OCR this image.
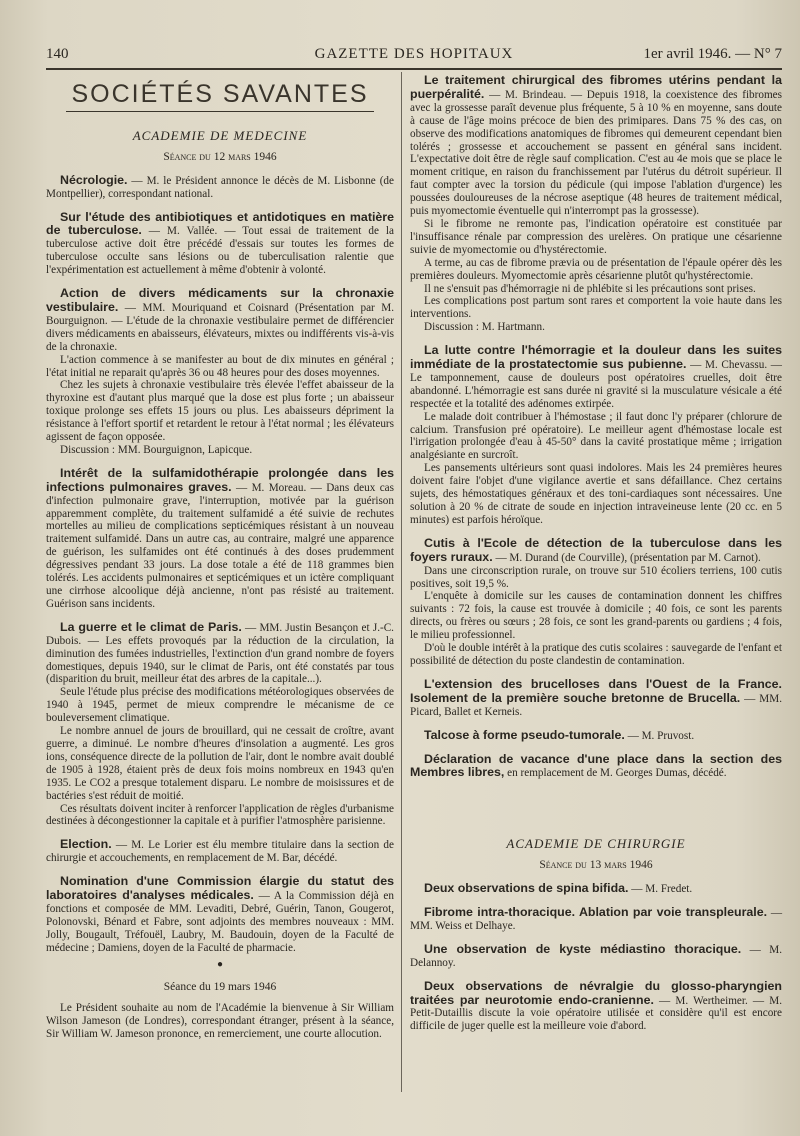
140	GAZETTE DES HOPITAUX	1er avril 1946. — N° 7
SOCIÉTÉS SAVANTES
ACADEMIE DE MEDECINE
Séance du 12 mars 1946
Nécrologie. — M. le Président annonce le décès de M. Lisbonne (de Montpellier), correspondant national.
Sur l'étude des antibiotiques et antidotiques en matière de tuberculose. — M. Vallée. — Tout essai de traitement de la tuberculose active doit être précédé d'essais sur toutes les formes de tuberculose occulte sans lésions ou de tuberculisation ralentie que l'expérimentation est actuellement à même d'obtenir à volonté.
Action de divers médicaments sur la chronaxie vestibulaire. — MM. Mouriquand et Coisnard (Présentation par M. Bourguignon. — L'étude de la chronaxie vestibulaire permet de différencier divers médicaments en abaisseurs, élévateurs, mixtes ou indifférents vis-à-vis de la chronaxie.

L'action commence à se manifester au bout de dix minutes en général ; l'état initial ne reparait qu'après 36 ou 48 heures pour des doses moyennes.

Chez les sujets à chronaxie vestibulaire très élevée l'effet abaisseur de la thyroxine est d'autant plus marqué que la dose est plus forte ; un abaisseur toxique prolonge ses effets 15 jours ou plus. Les abaisseurs dépriment la résistance à l'effort sportif et retardent le retour à l'état normal ; les élévateurs agissent de façon opposée.

Discussion : MM. Bourguignon, Lapicque.

Intérêt de la sulfamidothérapie prolongée dans les infections pulmonaires graves. — M. Moreau. — Dans deux cas d'infection pulmonaire grave, l'interruption, motivée par la guérison apparemment complète, du traitement sulfamidé a été suivie de rechutes mortelles au milieu de complications septicémiques résistant à un nouveau traitement sulfamidé. Dans un autre cas, au contraire, malgré une apparence de guérison, les sulfamides ont été continués à des doses prudemment dégressives pendant 33 jours. La dose totale a été de 118 grammes bien tolérés. Les accidents pulmonaires et septicémiques et un ictère compliquant une cirrhose alcoolique déjà ancienne, n'ont pas résisté au traitement. Guérison sans incidents.
La guerre et le climat de Paris. — MM. Justin Besançon et J.-C. Dubois. — Les effets provoqués par la réduction de la circulation, la diminution des fumées industrielles, l'extinction d'un grand nombre de foyers domestiques, depuis 1940, sur le climat de Paris, ont été constatés par tous (disparition du bruit, meilleur état des arbres de la capitale...).

Seule l'étude plus précise des modifications météorologiques observées de 1940 à 1945, permet de mieux comprendre le mécanisme de ce bouleversement climatique.

Le nombre annuel de jours de brouillard, qui ne cessait de croître, avant guerre, a diminué. Le nombre d'heures d'insolation a augmenté. Les gros ions, conséquence directe de la pollution de l'air, dont le nombre avait doublé de 1905 à 1928, étaient près de deux fois moins nombreux en 1943 qu'en 1935. Le CO2 a presque totalement disparu. Le nombre de moisissures et de bactéries s'est réduit de moitié.

Ces résultats doivent inciter à renforcer l'application de règles d'urbanisme destinées à décongestionner la capitale et à purifier l'atmosphère parisienne.

Election. — M. Le Lorier est élu membre titulaire dans la section de chirurgie et accouchements, en remplacement de M. Bar, décédé.
Nomination d'une Commission élargie du statut des laboratoires d'analyses médicales. — A la Commission déjà en fonctions et composée de MM. Levaditi, Debré, Guérin, Tanon, Gougerot, Polonovski, Bénard et Fabre, sont adjoints des membres nouveaux : MM. Jolly, Bougault, Tréfouël, Laubry, M. Baudouin, doyen de la Faculté de médecine ; Damiens, doyen de la Faculté de pharmacie.
●
Séance du 19 mars 1946

Le Président souhaite au nom de l'Académie la bienvenue à Sir William Wilson Jameson (de Londres), correspondant étranger, présent à la séance, Sir William W. Jameson prononce, en remerciement, une courte allocution.

Le traitement chirurgical des fibromes utérins pendant la puerpéralité. — M. Brindeau. — Depuis 1918, la coexistence des fibromes avec la grossesse paraît devenue plus fréquente, 5 à 10 % en moyenne, sans doute à cause de l'âge moins précoce de bien des primipares. Dans 75 % des cas, on observe des modifications anatomiques de fibromes qui demeurent cependant bien tolérés ; grossesse et accouchement se passent en général sans incident. L'expectative doit être de règle sauf complication. C'est au 4e mois que se place le moment critique, en raison du franchissement par l'utérus du détroit supérieur. Il faut compter avec la torsion du pédicule (qui impose l'ablation d'urgence) les poussées douloureuses de la nécrose aseptique (48 heures de traitement médical, puis myomectomie éventuelle qui n'interrompt pas la grossesse).

Si le fibrome ne remonte pas, l'indication opératoire est constituée par l'insuffisance rénale par compression des urelères. On pratique une césarienne suivie de myomectomie ou d'hystérectomie.

A terme, au cas de fibrome prævia ou de présentation de l'épaule opérer dès les premières douleurs. Myomectomie après césarienne plutôt qu'hystérectomie.

Il ne s'ensuit pas d'hémorragie ni de phlébite si les précautions sont prises.

Les complications post partum sont rares et comportent la voie haute dans les interventions.

Discussion : M. Hartmann.

La lutte contre l'hémorragie et la douleur dans les suites immédiate de la prostatectomie sus pubienne. — M. Chevassu. — Le tamponnement, cause de douleurs post opératoires cruelles, doit être abandonné. L'hémorragie est sans durée ni gravité si la musculature vésicale a été respectée et la totalité des adénomes extirpée.

Le malade doit contribuer à l'hémostase ; il faut donc l'y préparer (chlorure de calcium. Transfusion pré opératoire). Le meilleur agent d'hémostase locale est l'irrigation prolongée d'eau à 45-50° dans la cavité prostatique même ; irrigation analgésiante en surcroît.

Les pansements ultérieurs sont quasi indolores. Mais les 24 premières heures doivent faire l'objet d'une vigilance avertie et sans défaillance. Chez certains sujets, des hémostatiques généraux et des toni-cardiaques sont nécessaires. Une solution à 20 % de citrate de soude en injection intraveineuse lente (20 cc. en 5 minutes) est parfois héroïque.

Cutis à l'Ecole de détection de la tuberculose dans les foyers ruraux. — M. Durand (de Courville), (présentation par M. Carnot).

Dans une circonscription rurale, on trouve sur 510 écoliers terriens, 100 cutis positives, soit 19,5 %.

L'enquête à domicile sur les causes de contamination donnent les chiffres suivants : 72 fois, la cause est trouvée à domicile ; 40 fois, ce sont les parents directs, ou frères ou sœurs ; 28 fois, ce sont les grand-parents ou gardiens ; 4 fois, le milieu professionnel.

D'où le double intérêt à la pratique des cutis scolaires : sauvegarde de l'enfant et possibilité de détection du poste clandestin de contamination.

L'extension des brucelloses dans l'Ouest de la France. Isolement de la première souche bretonne de Brucella. — MM. Picard, Ballet et Kerneis.
Talcose à forme pseudo-tumorale. — M. Pruvost.
Déclaration de vacance d'une place dans la section des Membres libres, en remplacement de M. Georges Dumas, décédé.
ACADEMIE DE CHIRURGIE
Séance du 13 mars 1946
Deux observations de spina bifida. — M. Fredet.
Fibrome intra-thoracique. Ablation par voie transpleurale. — MM. Weiss et Delhaye.
Une observation de kyste médiastino thoracique. — M. Delannoy.
Deux observations de névralgie du glosso-pharyngien traitées par neurotomie endo-cranienne. — M. Wertheimer. — M. Petit-Dutaillis discute la voie opératoire utilisée et considère qu'il est encore difficile de juger quelle est la meilleure voie d'abord.
